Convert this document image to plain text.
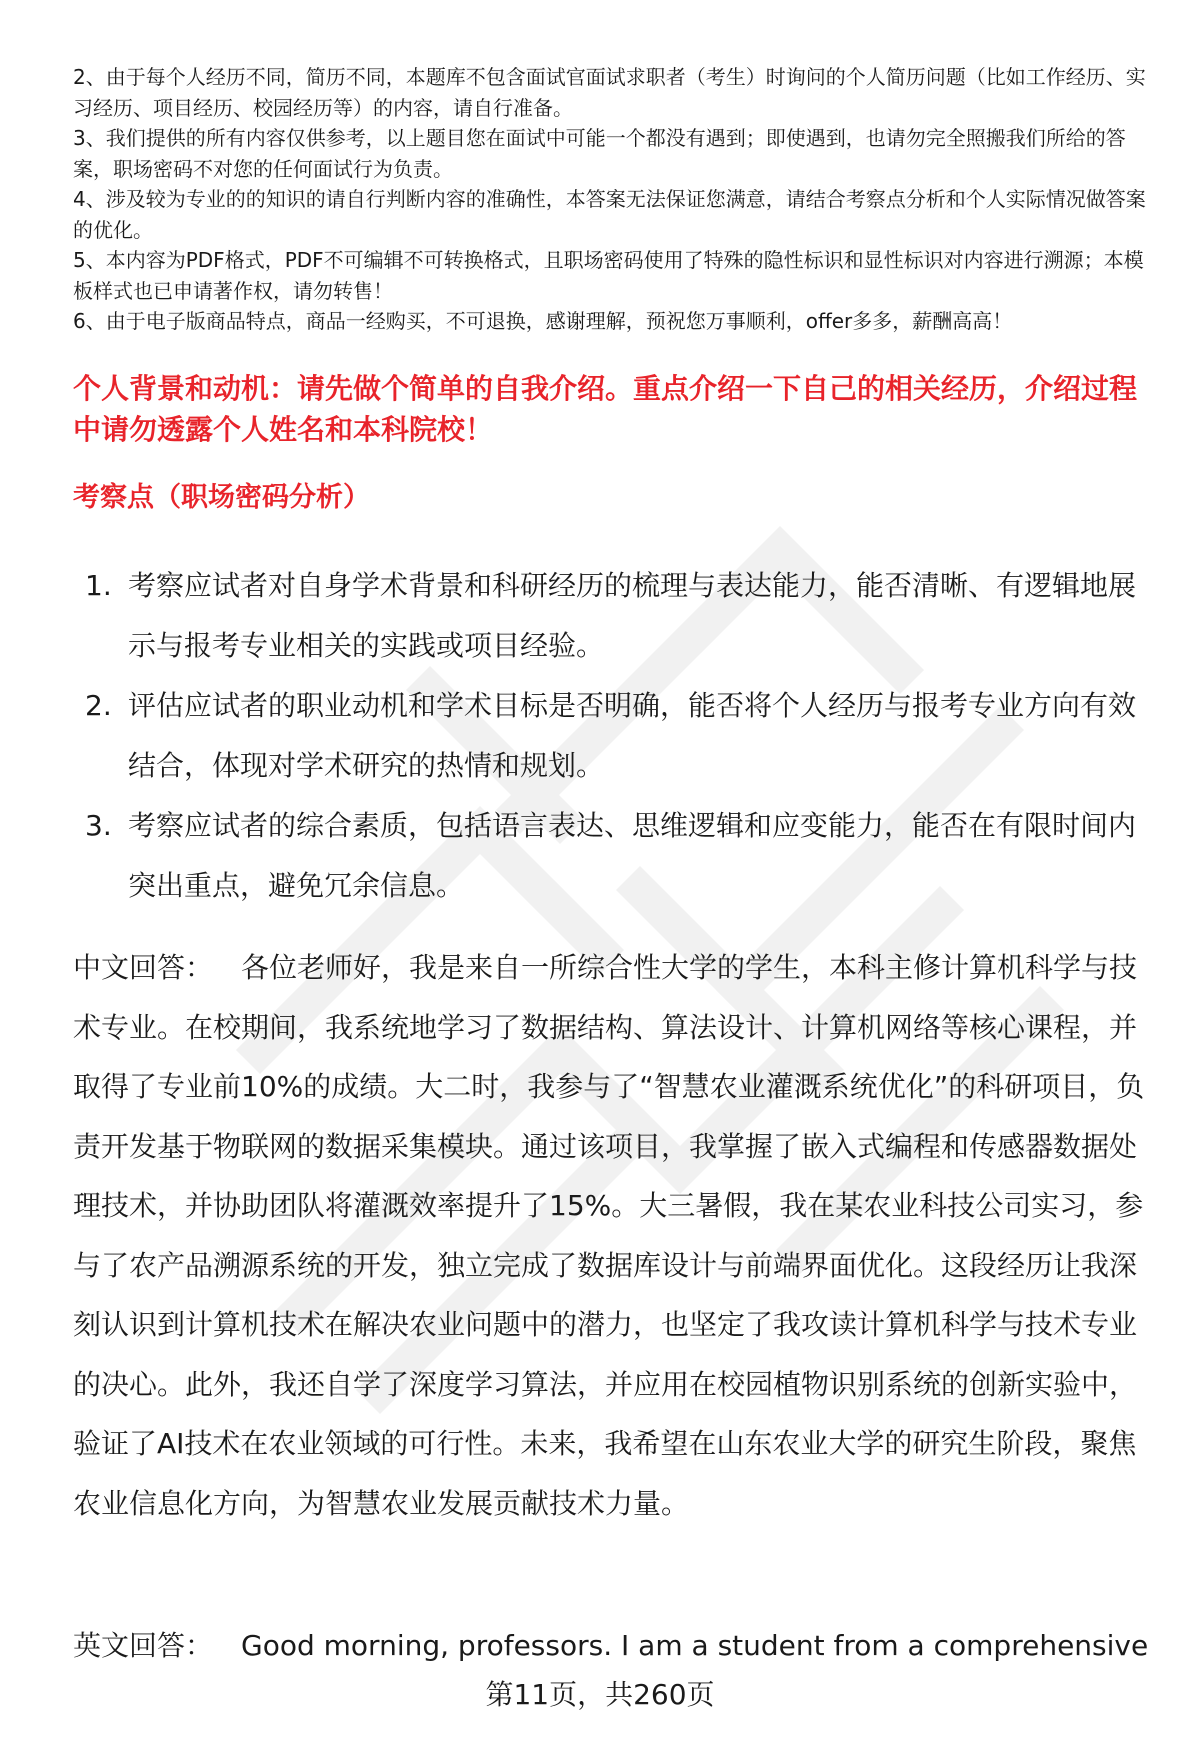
2、由于每个人经历不同，简历不同，本题库不包含面试官面试求职者（考生）时询问的个人简历问题（比如工作经历、实习经历、项目经历、校园经历等）的内容，请自行准备。

3、我们提供的所有内容仅供参考，以上题目您在面试中可能一个都没有遇到；即使遇到，也请勿完全照搬我们所给的答案，职场密码不对您的任何面试行为负责。

4、涉及较为专业的的知识的请自行判断内容的准确性，本答案无法保证您满意，请结合考察点分析和个人实际情况做答案的优化。

5、本内容为PDF格式，PDF不可编辑不可转换格式，且职场密码使用了特殊的隐性标识和显性标识对内容进行溯源；本模板样式也已申请著作权，请勿转售！

6、由于电子版商品特点，商品一经购买，不可退换，感谢理解，预祝您万事顺利，offer多多，薪酬高高！

个人背景和动机：请先做个简单的自我介绍。重点介绍一下自己的相关经历，介绍过程中请勿透露个人姓名和本科院校！
考察点（职场密码分析）
1. 考察应试者对自身学术背景和科研经历的梳理与表达能力，能否清晰、有逻辑地展示与报考专业相关的实践或项目经验。
2. 评估应试者的职业动机和学术目标是否明确，能否将个人经历与报考专业方向有效结合，体现对学术研究的热情和规划。
3. 考察应试者的综合素质，包括语言表达、思维逻辑和应变能力，能否在有限时间内突出重点，避免冗余信息。
中文回答： 各位老师好，我是来自一所综合性大学的学生，本科主修计算机科学与技术专业。在校期间，我系统地学习了数据结构、算法设计、计算机网络等核心课程，并取得了专业前10%的成绩。大二时，我参与了“智慧农业灌溉系统优化”的科研项目，负责开发基于物联网的数据采集模块。通过该项目，我掌握了嵌入式编程和传感器数据处理技术，并协助团队将灌溉效率提升了15%。大三暑假，我在某农业科技公司实习，参与了农产品溯源系统的开发，独立完成了数据库设计与前端界面优化。这段经历让我深刻认识到计算机技术在解决农业问题中的潜力，也坚定了我攻读计算机科学与技术专业的决心。此外，我还自学了深度学习算法，并应用在校园植物识别系统的创新实验中，验证了AI技术在农业领域的可行性。未来，我希望在山东农业大学的研究生阶段，聚焦农业信息化方向，为智慧农业发展贡献技术力量。
英文回答： Good morning, professors. I am a student from a comprehensive
第11页，共260页
